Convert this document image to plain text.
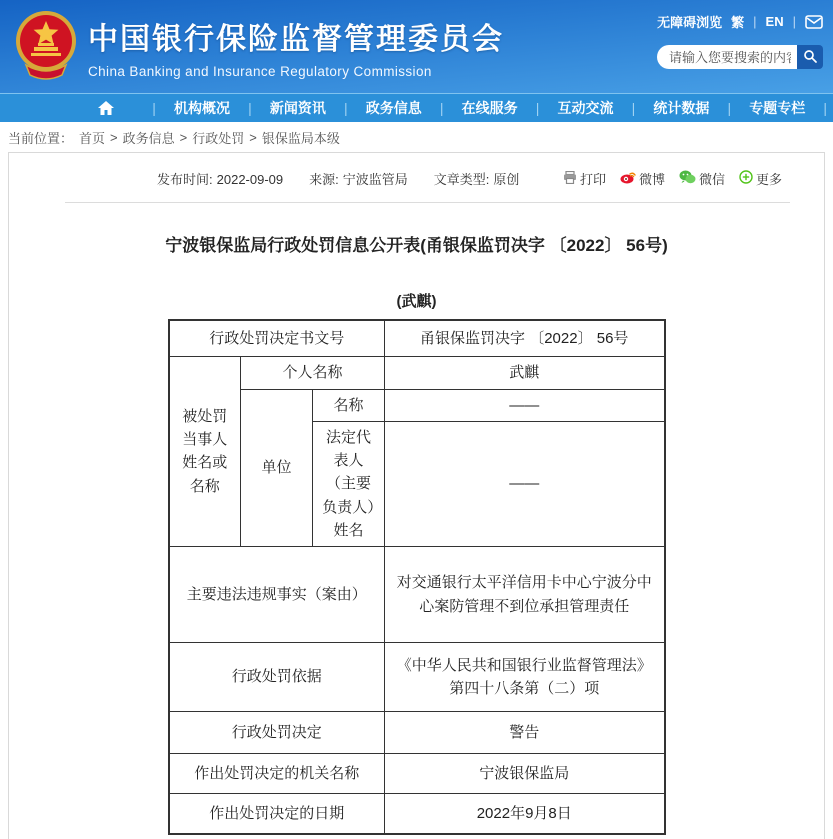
中国银行保险监督管理委员会
China Banking and Insurance Regulatory Commission
无障碍浏览 繁 | EN |
请输入您要搜索的内容
|	机构概况	|	新闻资讯	|	政务信息	|	在线服务	|	互动交流	|	统计数据	|	专题专栏	|
当前位置： 首页 > 政务信息 > 行政处罚 > 银保监局本级
发布时间: 2022-09-09 来源: 宁波监管局 文章类型: 原创	打印	微博	微信 更多
宁波银保监局行政处罚信息公开表(甬银保监罚决字 〔2022〕 56号)
(武麒)
行政处罚决定书文号			甬银保监罚决字 〔2022〕 56号
被处罚当事人姓名或名称	个人名称		武麒
	单位	名称	——
		法定代表人（主要负责人）姓名	——
主要违法违规事实（案由）			对交通银行太平洋信用卡中心宁波分中心案防管理不到位承担管理责任
行政处罚依据			《中华人民共和国银行业监督管理法》第四十八条第（二）项
行政处罚决定			警告
作出处罚决定的机关名称			宁波银保监局
作出处罚决定的日期			2022年9月8日
